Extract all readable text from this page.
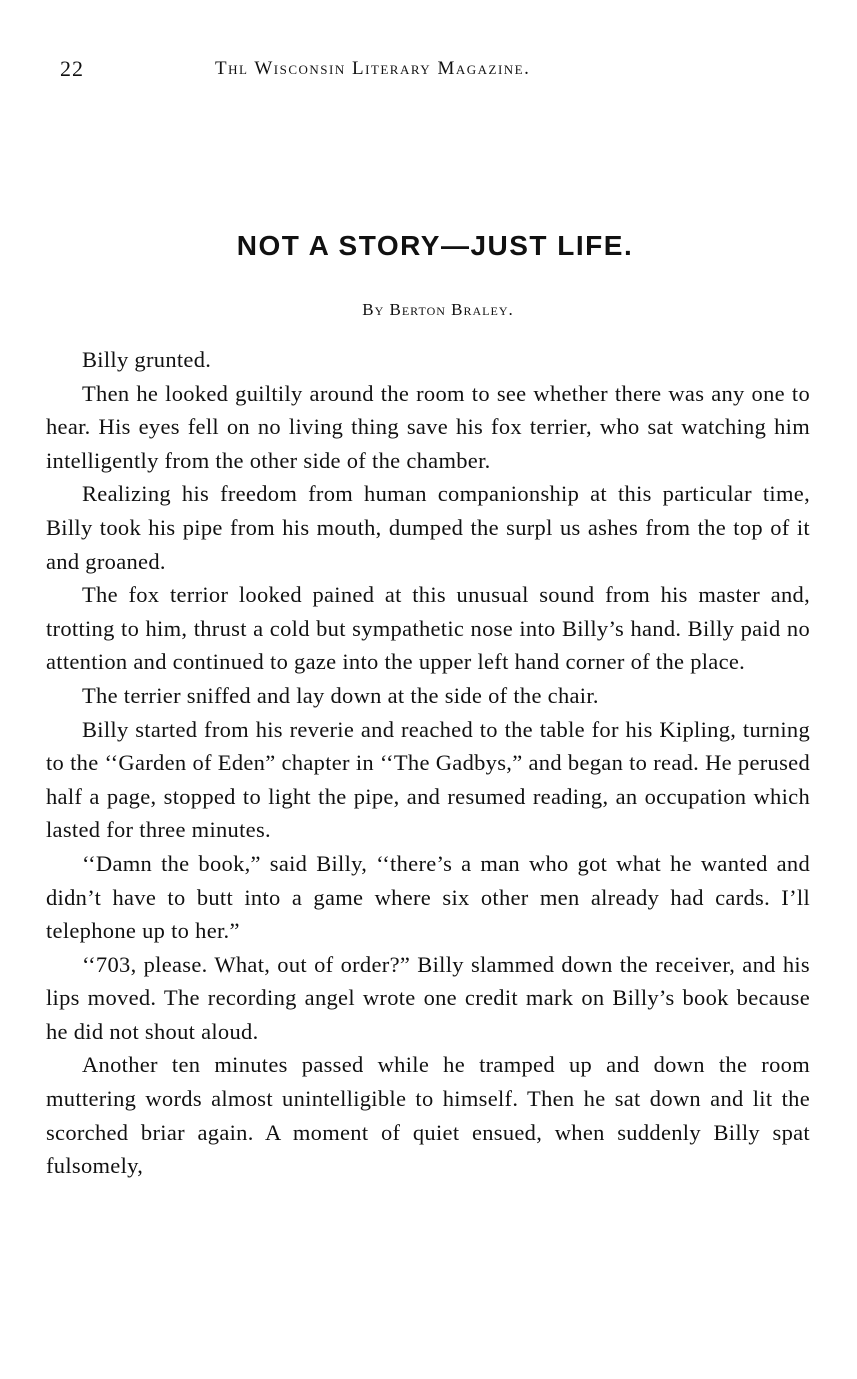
22	Thl Wisconsin Literary Magazine.
NOT A STORY—JUST LIFE.
By Berton Braley.

Billy grunted.

Then he looked guiltily around the room to see whether there was any one to hear. His eyes fell on no living thing save his fox terrier, who sat watching him intelligently from the other side of the chamber.

Realizing his freedom from human companionship at this particular time, Billy took his pipe from his mouth, dumped the surpl us ashes from the top of it and groaned.

The fox terrior looked pained at this unusual sound from his master and, trotting to him, thrust a cold but sympathetic nose into Billy’s hand. Billy paid no attention and continued to gaze into the upper left hand corner of the place.

The terrier sniffed and lay down at the side of the chair.

Billy started from his reverie and reached to the table for his Kipling, turning to the ‘‘Garden of Eden” chapter in ‘‘The Gadbys,” and began to read. He perused half a page, stopped to light the pipe, and resumed reading, an occupation which lasted for three minutes.

‘‘Damn the book,” said Billy, ‘‘there’s a man who got what he wanted and didn’t have to butt into a game where six other men already had cards. I’ll telephone up to her.”

‘‘703, please. What, out of order?” Billy slammed down the receiver, and his lips moved. The recording angel wrote one credit mark on Billy’s book because he did not shout aloud.

Another ten minutes passed while he tramped up and down the room muttering words almost unintelligible to himself. Then he sat down and lit the scorched briar again. A moment of quiet ensued, when suddenly Billy spat fulsomely,
